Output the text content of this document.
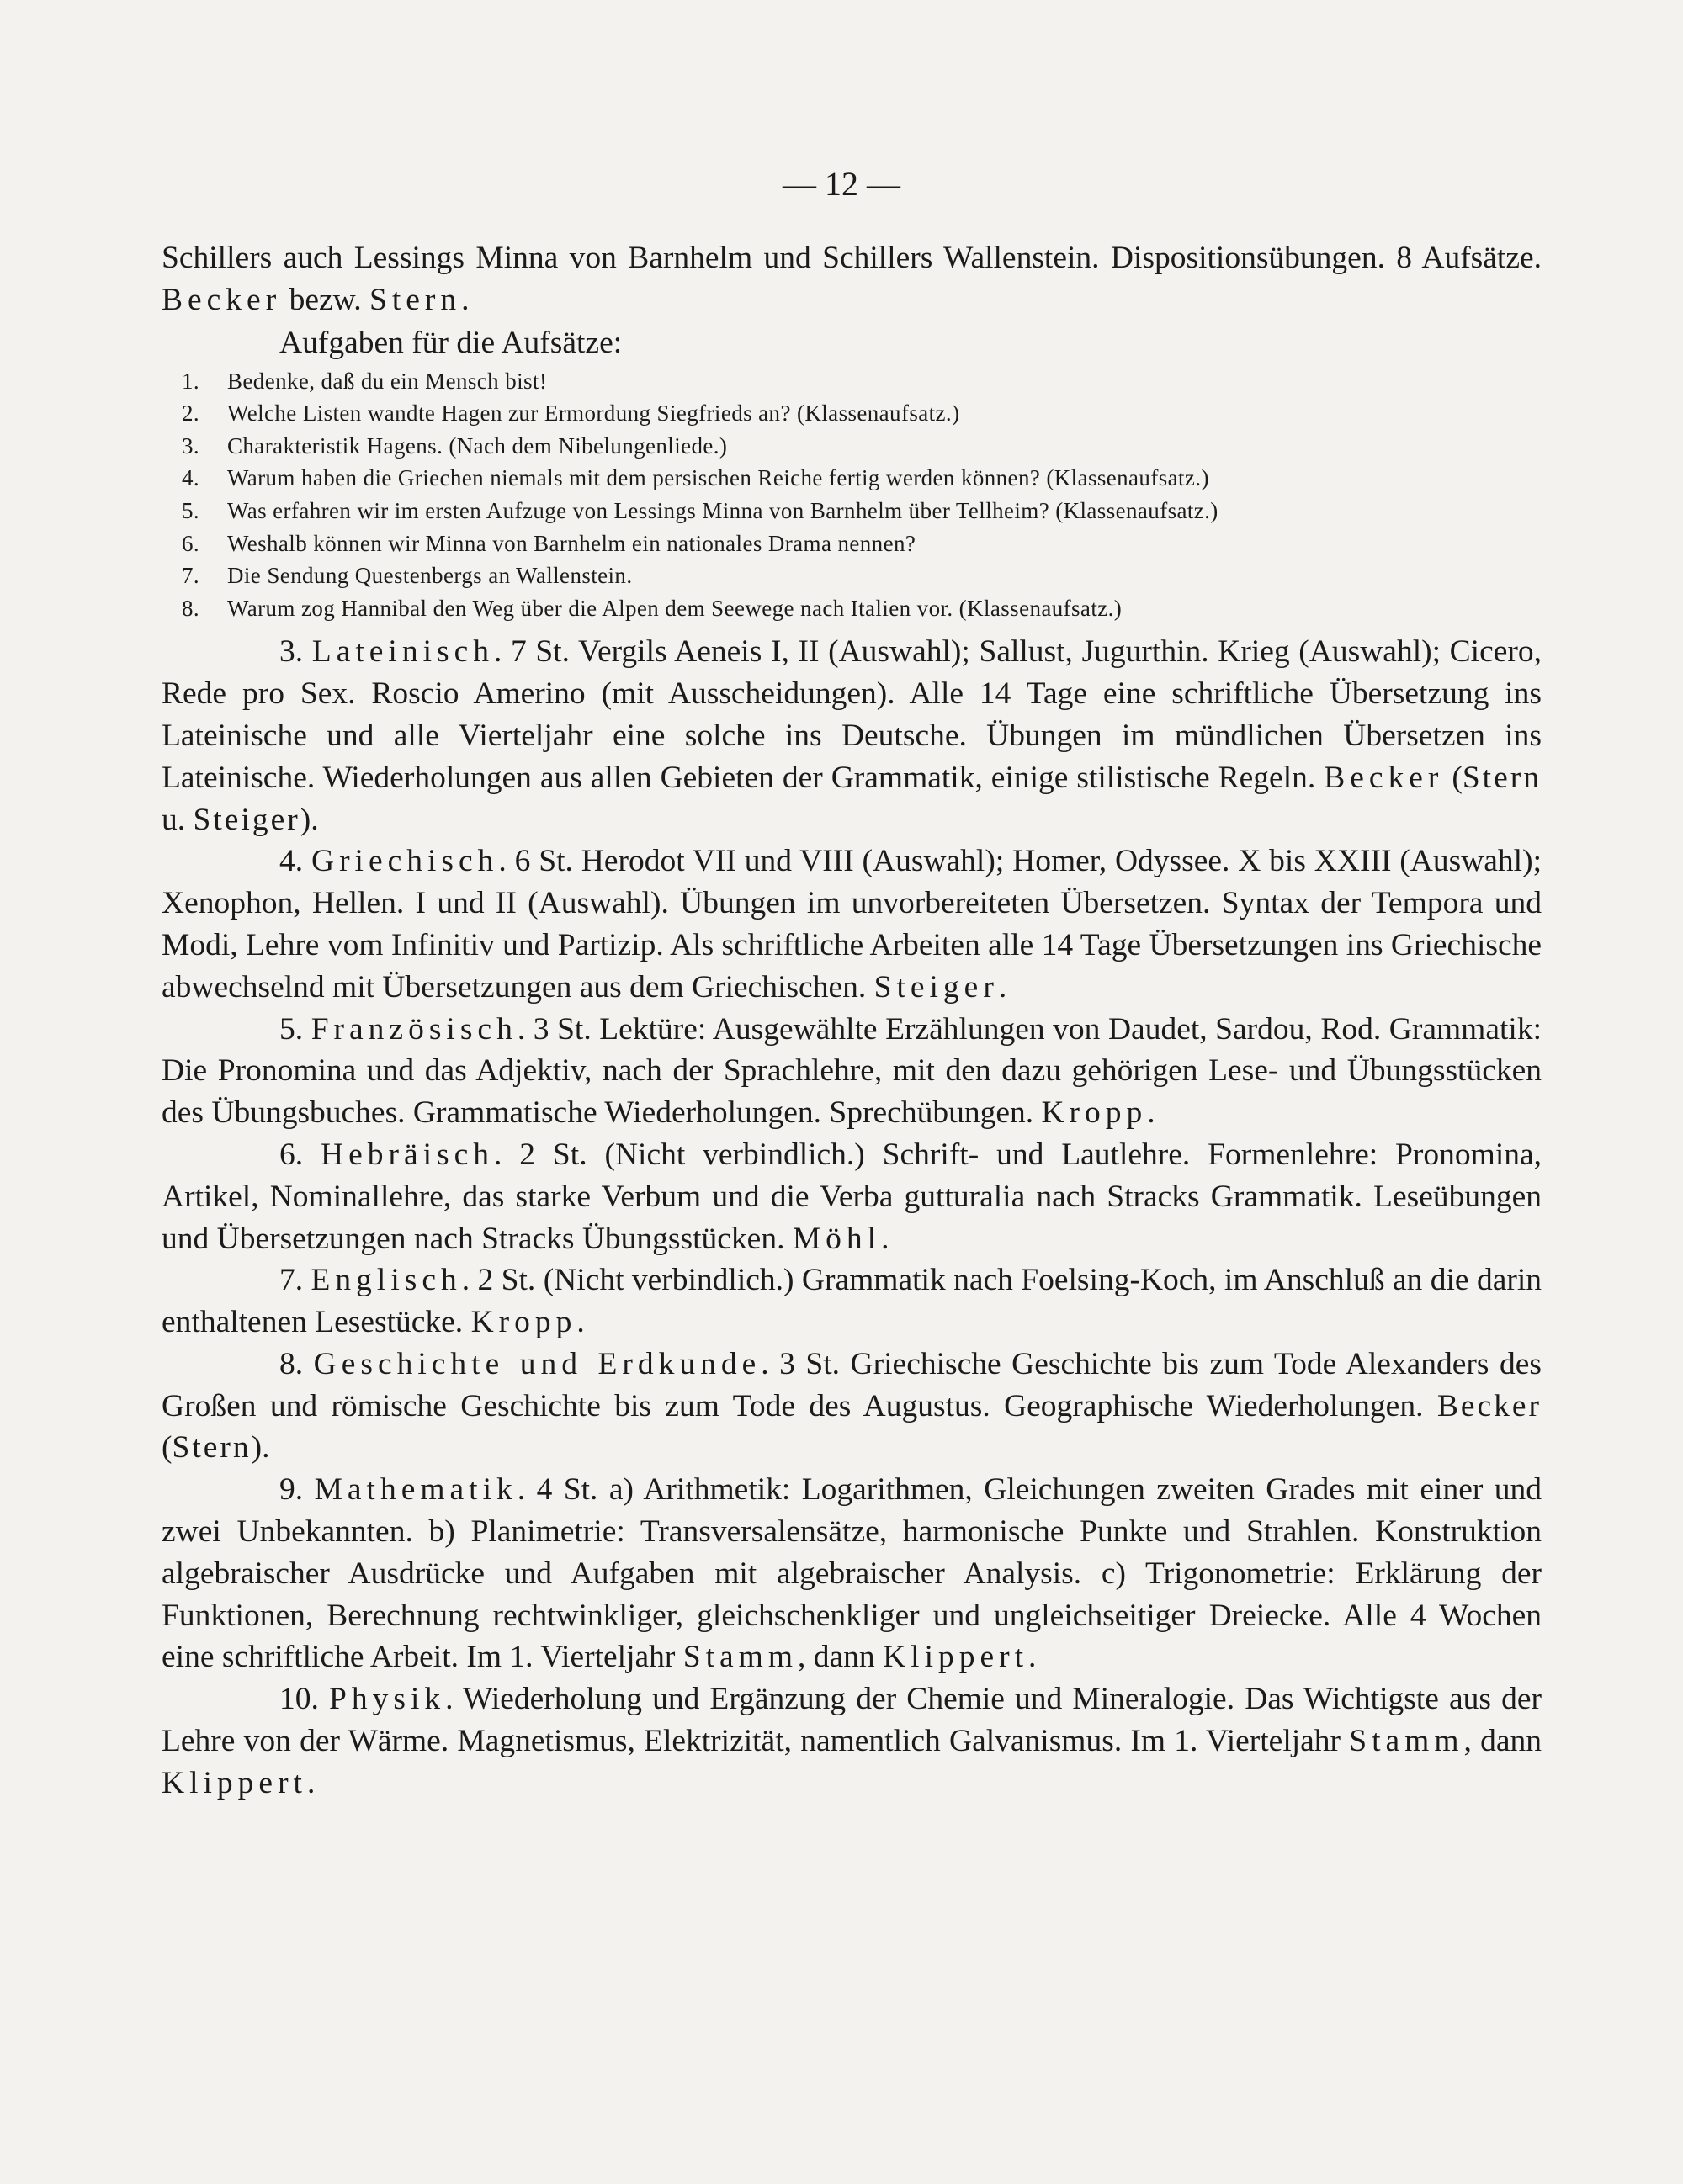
— 12 —

Schillers auch Lessings Minna von Barnhelm und Schillers Wallenstein. Dispositionsübungen. 8 Aufsätze. Becker bezw. Stern.

Aufgaben für die Aufsätze:

1. Bedenke, daß du ein Mensch bist!
2. Welche Listen wandte Hagen zur Ermordung Siegfrieds an? (Klassenaufsatz.)
3. Charakteristik Hagens. (Nach dem Nibelungenliede.)
4. Warum haben die Griechen niemals mit dem persischen Reiche fertig werden können? (Klassenaufsatz.)
5. Was erfahren wir im ersten Aufzuge von Lessings Minna von Barnhelm über Tellheim? (Klassenaufsatz.)
6. Weshalb können wir Minna von Barnhelm ein nationales Drama nennen?
7. Die Sendung Questenbergs an Wallenstein.
8. Warum zog Hannibal den Weg über die Alpen dem Seewege nach Italien vor. (Klassenaufsatz.)

3. Lateinisch. 7 St. Vergils Aeneis I, II (Auswahl); Sallust, Jugurthin. Krieg (Auswahl); Cicero, Rede pro Sex. Roscio Amerino (mit Ausscheidungen). Alle 14 Tage eine schriftliche Übersetzung ins Lateinische und alle Vierteljahr eine solche ins Deutsche. Übungen im mündlichen Übersetzen ins Lateinische. Wiederholungen aus allen Gebieten der Grammatik, einige stilistische Regeln. Becker (Stern u. Steiger).

4. Griechisch. 6 St. Herodot VII und VIII (Auswahl); Homer, Odyssee. X bis XXIII (Auswahl); Xenophon, Hellen. I und II (Auswahl). Übungen im unvorbereiteten Übersetzen. Syntax der Tempora und Modi, Lehre vom Infinitiv und Partizip. Als schriftliche Arbeiten alle 14 Tage Übersetzungen ins Griechische abwechselnd mit Übersetzungen aus dem Griechischen. Steiger.

5. Französisch. 3 St. Lektüre: Ausgewählte Erzählungen von Daudet, Sardou, Rod. Grammatik: Die Pronomina und das Adjektiv, nach der Sprachlehre, mit den dazu gehörigen Lese- und Übungsstücken des Übungsbuches. Grammatische Wiederholungen. Sprechübungen. Kropp.

6. Hebräisch. 2 St. (Nicht verbindlich.) Schrift- und Lautlehre. Formenlehre: Pronomina, Artikel, Nominallehre, das starke Verbum und die Verba gutturalia nach Stracks Grammatik. Leseübungen und Übersetzungen nach Stracks Übungsstücken. Möhl.

7. Englisch. 2 St. (Nicht verbindlich.) Grammatik nach Foelsing-Koch, im Anschluß an die darin enthaltenen Lesestücke. Kropp.

8. Geschichte und Erdkunde. 3 St. Griechische Geschichte bis zum Tode Alexanders des Großen und römische Geschichte bis zum Tode des Augustus. Geographische Wiederholungen. Becker (Stern).

9. Mathematik. 4 St. a) Arithmetik: Logarithmen, Gleichungen zweiten Grades mit einer und zwei Unbekannten. b) Planimetrie: Transversalensätze, harmonische Punkte und Strahlen. Konstruktion algebraischer Ausdrücke und Aufgaben mit algebraischer Analysis. c) Trigonometrie: Erklärung der Funktionen, Berechnung rechtwinkliger, gleichschenkliger und ungleichseitiger Dreiecke. Alle 4 Wochen eine schriftliche Arbeit. Im 1. Vierteljahr Stamm, dann Klippert.

10. Physik. Wiederholung und Ergänzung der Chemie und Mineralogie. Das Wichtigste aus der Lehre von der Wärme. Magnetismus, Elektrizität, namentlich Galvanismus. Im 1. Vierteljahr Stamm, dann Klippert.
